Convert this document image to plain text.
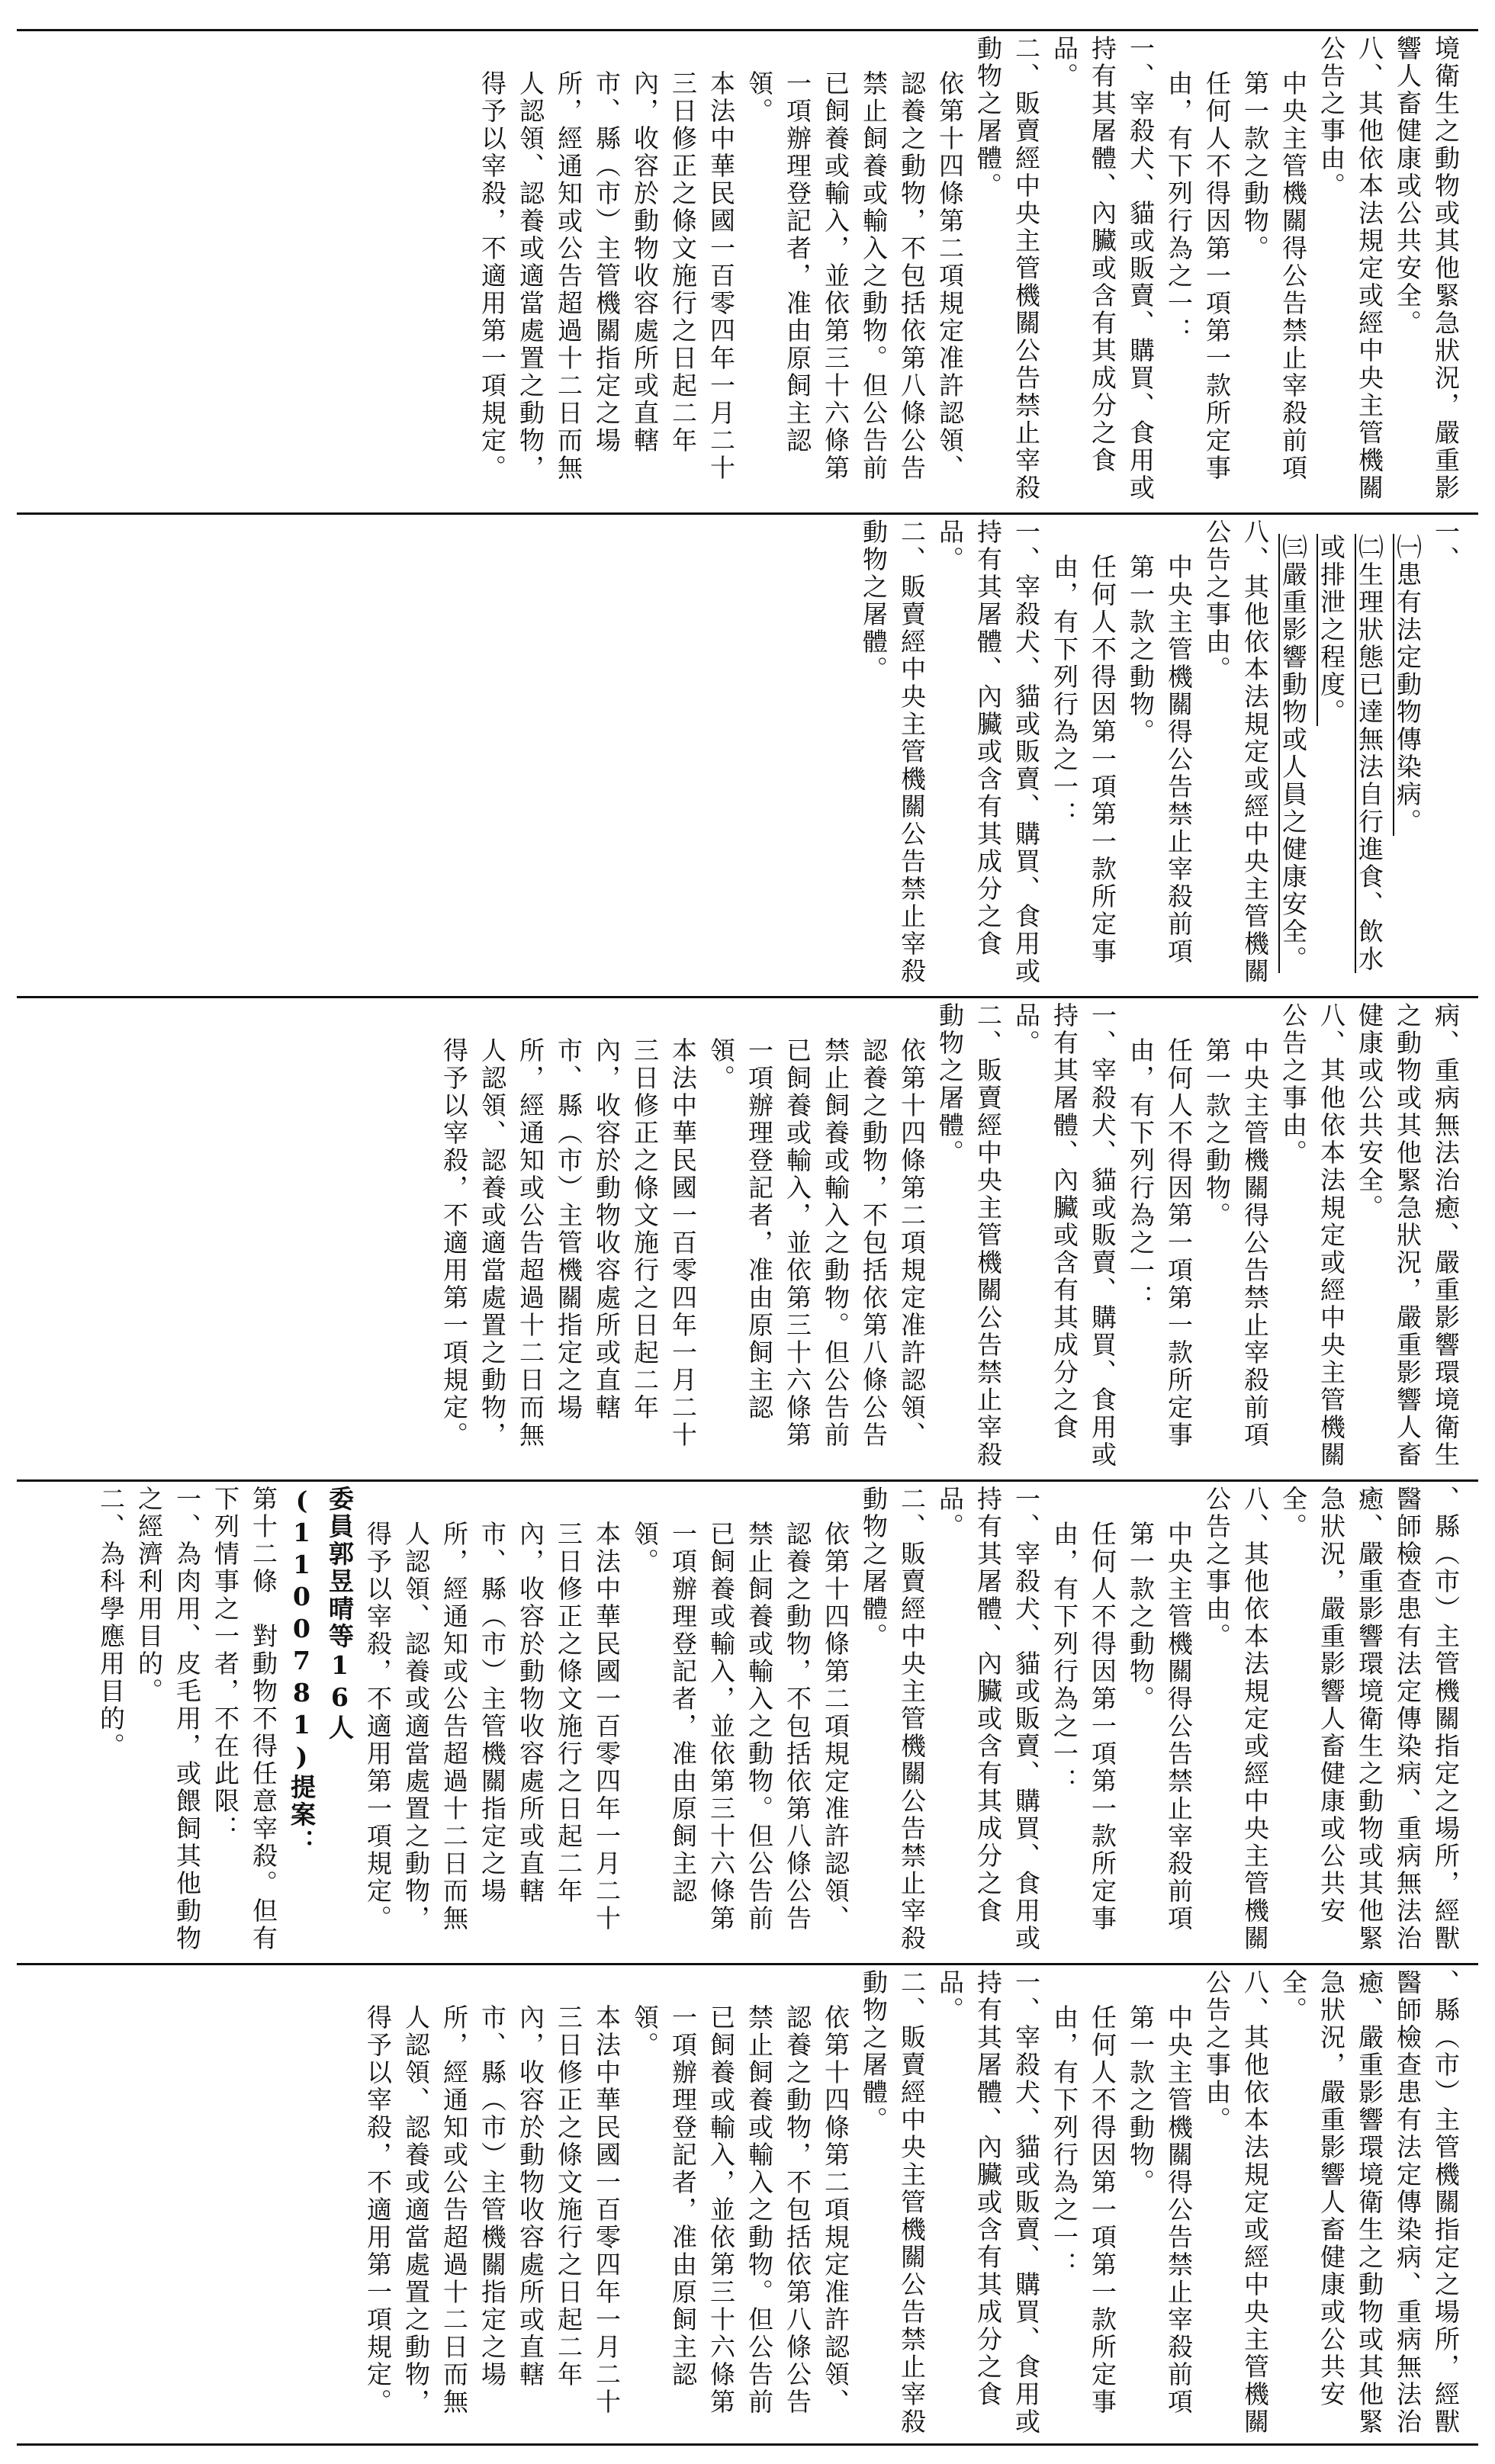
境衛生之動物或其他緊急狀況，嚴重影響人畜健康或公共安全。

八、其他依本法規定或經中央主管機關公告之事由。

中央主管機關得公告禁止宰殺前項第一款之動物。

任何人不得因第一項第一款所定事由，有下列行為之一：

一、宰殺犬、貓或販賣、購買、食用或持有其屠體、內臟或含有其成分之食品。

二、販賣經中央主管機關公告禁止宰殺動物之屠體。

依第十四條第二項規定准許認領、認養之動物，不包括依第八條公告禁止飼養或輸入之動物。但公告前已飼養或輸入，並依第三十六條第一項辦理登記者，准由原飼主認領。

本法中華民國一百零四年一月二十三日修正之條文施行之日起二年內，收容於動物收容處所或直轄市、縣（市）主管機關指定之場所，經通知或公告超過十二日而無人認領、認養或適當處置之動物，得予以宰殺，不適用第一項規定。

一、

㈠患有法定動物傳染病。

㈡生理狀態已達無法自行進食、飲水或排泄之程度。

㈢嚴重影響動物或人員之健康安全。

八、其他依本法規定或經中央主管機關公告之事由。

中央主管機關得公告禁止宰殺前項第一款之動物。

任何人不得因第一項第一款所定事由，有下列行為之一：

一、宰殺犬、貓或販賣、購買、食用或持有其屠體、內臟或含有其成分之食品。

二、販賣經中央主管機關公告禁止宰殺動物之屠體。

病、重病無法治癒、嚴重影響環境衛生之動物或其他緊急狀況，嚴重影響人畜健康或公共安全。

八、其他依本法規定或經中央主管機關公告之事由。

中央主管機關得公告禁止宰殺前項第一款之動物。

任何人不得因第一項第一款所定事由，有下列行為之一：

一、宰殺犬、貓或販賣、購買、食用或持有其屠體、內臟或含有其成分之食品。

二、販賣經中央主管機關公告禁止宰殺動物之屠體。

依第十四條第二項規定准許認領、認養之動物，不包括依第八條公告禁止飼養或輸入之動物。但公告前已飼養或輸入，並依第三十六條第一項辦理登記者，准由原飼主認領。

本法中華民國一百零四年一月二十三日修正之條文施行之日起二年內，收容於動物收容處所或直轄市、縣（市）主管機關指定之場所，經通知或公告超過十二日而無人認領、認養或適當處置之動物，得予以宰殺，不適用第一項規定。

、縣（市）主管機關指定之場所，經獸醫師檢查患有法定傳染病、重病無法治癒、嚴重影響環境衛生之動物或其他緊急狀況，嚴重影響人畜健康或公共安全。

八、其他依本法規定或經中央主管機關公告之事由。

中央主管機關得公告禁止宰殺前項第一款之動物。

任何人不得因第一項第一款所定事由，有下列行為之一：

一、宰殺犬、貓或販賣、購買、食用或持有其屠體、內臟或含有其成分之食品。

二、販賣經中央主管機關公告禁止宰殺動物之屠體。

依第十四條第二項規定准許認領、認養之動物，不包括依第八條公告禁止飼養或輸入之動物。但公告前已飼養或輸入，並依第三十六條第一項辦理登記者，准由原飼主認領。

本法中華民國一百零四年一月二十三日修正之條文施行之日起二年內，收容於動物收容處所或直轄市、縣（市）主管機關指定之場所，經通知或公告超過十二日而無人認領、認養或適當處置之動物，得予以宰殺，不適用第一項規定。

委員郭昱晴等16人(1100781)提案：

第十二條　對動物不得任意宰殺。但有下列情事之一者，不在此限：

一、為肉用、皮毛用，或餵飼其他動物之經濟利用目的。

二、為科學應用目的。

、縣（市）主管機關指定之場所，經獸醫師檢查患有法定傳染病、重病無法治癒、嚴重影響環境衛生之動物或其他緊急狀況，嚴重影響人畜健康或公共安全。

八、其他依本法規定或經中央主管機關公告之事由。

中央主管機關得公告禁止宰殺前項第一款之動物。

任何人不得因第一項第一款所定事由，有下列行為之一：

一、宰殺犬、貓或販賣、購買、食用或持有其屠體、內臟或含有其成分之食品。

二、販賣經中央主管機關公告禁止宰殺動物之屠體。

依第十四條第二項規定准許認領、認養之動物，不包括依第八條公告禁止飼養或輸入之動物。但公告前已飼養或輸入，並依第三十六條第一項辦理登記者，准由原飼主認領。

本法中華民國一百零四年一月二十三日修正之條文施行之日起二年內，收容於動物收容處所或直轄市、縣（市）主管機關指定之場所，經通知或公告超過十二日而無人認領、認養或適當處置之動物，得予以宰殺，不適用第一項規定。
